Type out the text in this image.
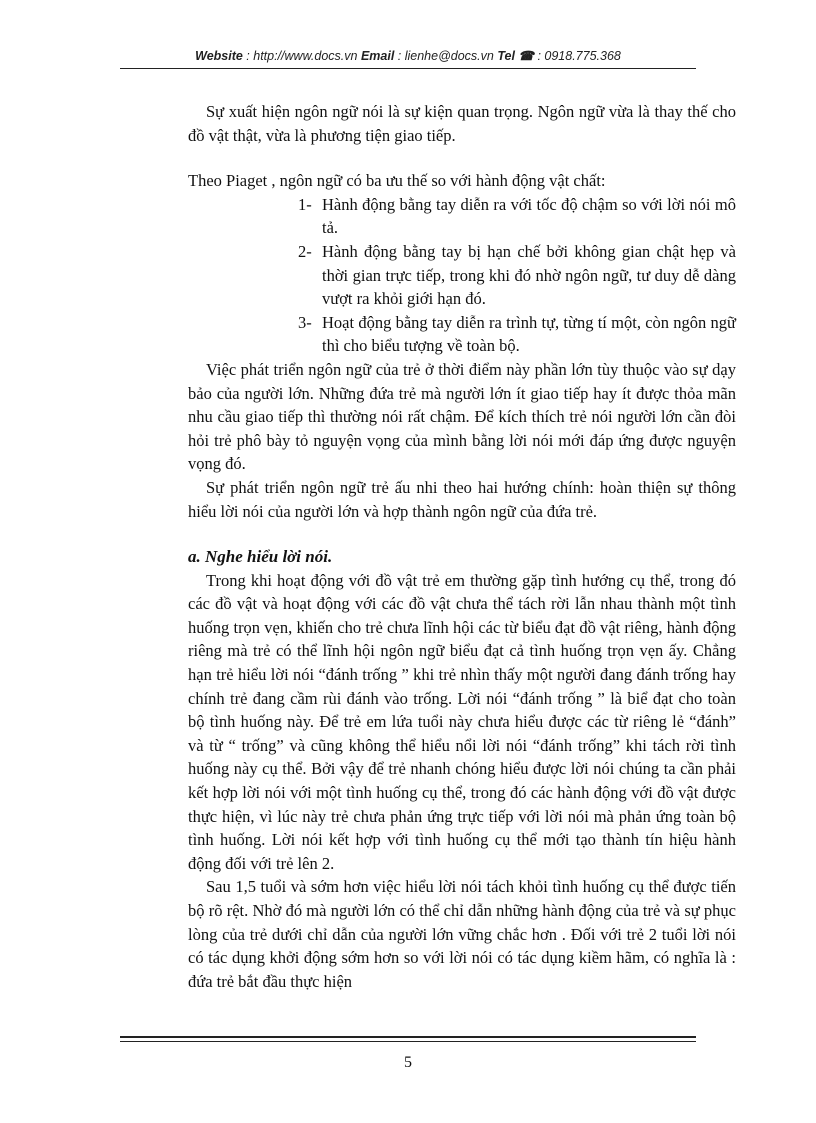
Website : http://www.docs.vn Email : lienhe@docs.vn Tel ☎ : 0918.775.368

Sự xuất hiện ngôn ngữ nói là sự kiện quan trọng. Ngôn ngữ vừa là thay thế cho đồ vật thật, vừa là phương tiện giao tiếp.

Theo Piaget , ngôn ngữ có ba ưu thế so với hành động vật chất:

1- Hành động bằng tay diễn ra với tốc độ chậm so với lời nói mô tả.
2- Hành động bằng tay bị hạn chế bởi không gian chật hẹp và thời gian trực tiếp, trong khi đó nhờ ngôn ngữ, tư duy dễ dàng vượt ra khỏi giới hạn đó.
3- Hoạt động bằng tay diễn ra trình tự, từng tí một, còn ngôn ngữ thì cho biểu tượng về toàn bộ.

Việc phát triển ngôn ngữ của trẻ ở thời điểm này phần lớn tùy thuộc vào sự dạy bảo của người lớn. Những đứa trẻ mà người lớn ít giao tiếp hay ít được thỏa mãn nhu cầu giao tiếp thì thường nói rất chậm. Để kích thích trẻ nói người lớn cần đòi hỏi trẻ phô bày tỏ nguyện vọng của mình bằng lời nói mới đáp ứng được nguyện vọng đó.

Sự phát triển ngôn ngữ trẻ ấu nhi theo hai hướng chính: hoàn thiện sự thông hiểu lời nói của người lớn và hợp thành ngôn ngữ của đứa trẻ.

a. Nghe hiểu lời nói.

Trong khi hoạt động với đồ vật trẻ em thường gặp tình hướng cụ thể, trong đó các đồ vật và hoạt động với các đồ vật chưa thể tách rời lẫn nhau thành một tình huống trọn vẹn, khiến cho trẻ chưa lĩnh hội các từ biểu đạt đồ vật riêng, hành động riêng mà trẻ có thể lĩnh hội ngôn ngữ biểu đạt cả tình huống trọn vẹn ấy. Chẳng hạn trẻ hiểu lời nói “đánh trống ” khi trẻ nhìn thấy một người đang đánh trống hay chính trẻ đang cầm rùi đánh vào trống. Lời nói “đánh trống ” là biể đạt cho toàn bộ tình huống này. Để trẻ em lứa tuổi này chưa hiểu được các từ riêng lẻ “đánh” và từ “ trống” và cũng không thể hiểu nổi lời nói “đánh trống” khi tách rời tình huống này cụ thể. Bởi vậy để trẻ nhanh chóng hiểu được lời nói chúng ta cần phải kết hợp lời nói với một tình huống cụ thể, trong đó các hành động với đồ vật được thực hiện, vì lúc này trẻ chưa phản ứng trực tiếp với lời nói mà phản ứng toàn bộ tình huống. Lời nói kết hợp với tình huống cụ thể mới tạo thành tín hiệu hành động đối với trẻ lên 2.

Sau 1,5 tuổi và sớm hơn việc hiểu lời nói tách khỏi tình huống cụ thể được tiến bộ rõ rệt. Nhờ đó mà người lớn có thể chỉ dẫn những hành động của trẻ và sự phục lòng của trẻ dưới chỉ dẫn của người lớn vững chắc hơn . Đối với trẻ 2 tuổi lời nói có tác dụng khởi động sớm hơn so với lời nói có tác dụng kiềm hãm, có nghĩa là : đứa trẻ bắt đầu thực hiện

5
